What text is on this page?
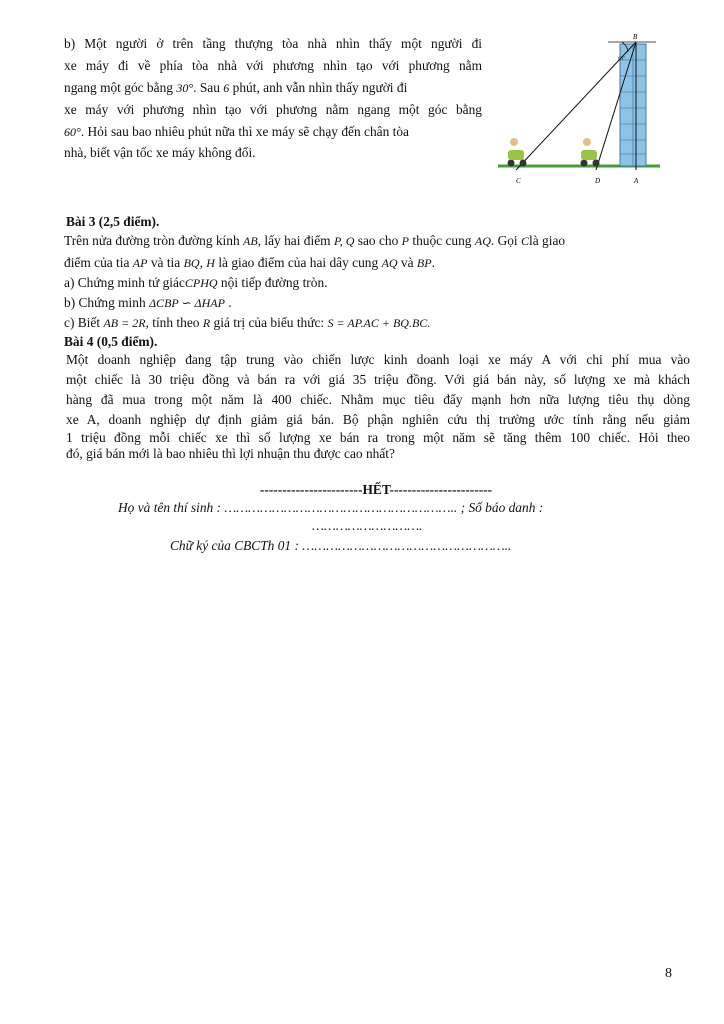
b) Một người ở trên tầng thượng tòa nhà nhìn thấy một người đi
xe máy đi về phía tòa nhà với phương nhìn tạo với phương nằm
ngang một góc bằng 30°. Sau 6 phút, anh vẫn nhìn thấy người đi
xe máy với phương nhìn tạo với phương nằm ngang một góc bằng
60°. Hỏi sau bao nhiêu phút nữa thì xe máy sẽ chạy đến chân tòa
nhà, biết vận tốc xe máy không đổi.
60°
B
C	D	A
Bài 3 (2,5 điểm).
Trên nửa đường tròn đường kính AB, lấy hai điểm P, Q sao cho P thuộc cung AQ. Gọi Clà giao
điểm của tia AP và tia BQ, H là giao điểm của hai dây cung AQ và BP.
a) Chứng minh tứ giácCPHQ nội tiếp đường tròn.
b) Chứng minh ΔCBP ∽ ΔHAP .
c) Biết AB = 2R, tính theo R giá trị của biểu thức: S = AP.AC + BQ.BC.
Bài 4 (0,5 điểm).
Một doanh nghiệp đang tập trung vào chiến lược kinh doanh loại xe máy A với chi phí mua vào
một chiếc là 30 triệu đồng và bán ra với giá 35 triệu đồng. Với giá bán này, số lượng xe mà khách
hàng đã mua trong một năm là 400 chiếc. Nhằm mục tiêu đẩy mạnh hơn nữa lượng tiêu thụ dòng
xe A, doanh nghiệp dự định giảm giá bán. Bộ phận nghiên cứu thị trường ước tính rằng nếu giảm
1 triệu đồng mỗi chiếc xe thì số lượng xe bán ra trong một năm sẽ tăng thêm 100 chiếc. Hỏi theo
đó, giá bán mới là bao nhiêu thì lợi nhuận thu được cao nhất?
-----------------------HẾT-----------------------
Họ và tên thí sinh : ………………………………………………….. ; Số báo danh :
……………………….
Chữ ký của CBCTh 01 : ……………………………………………..
8
